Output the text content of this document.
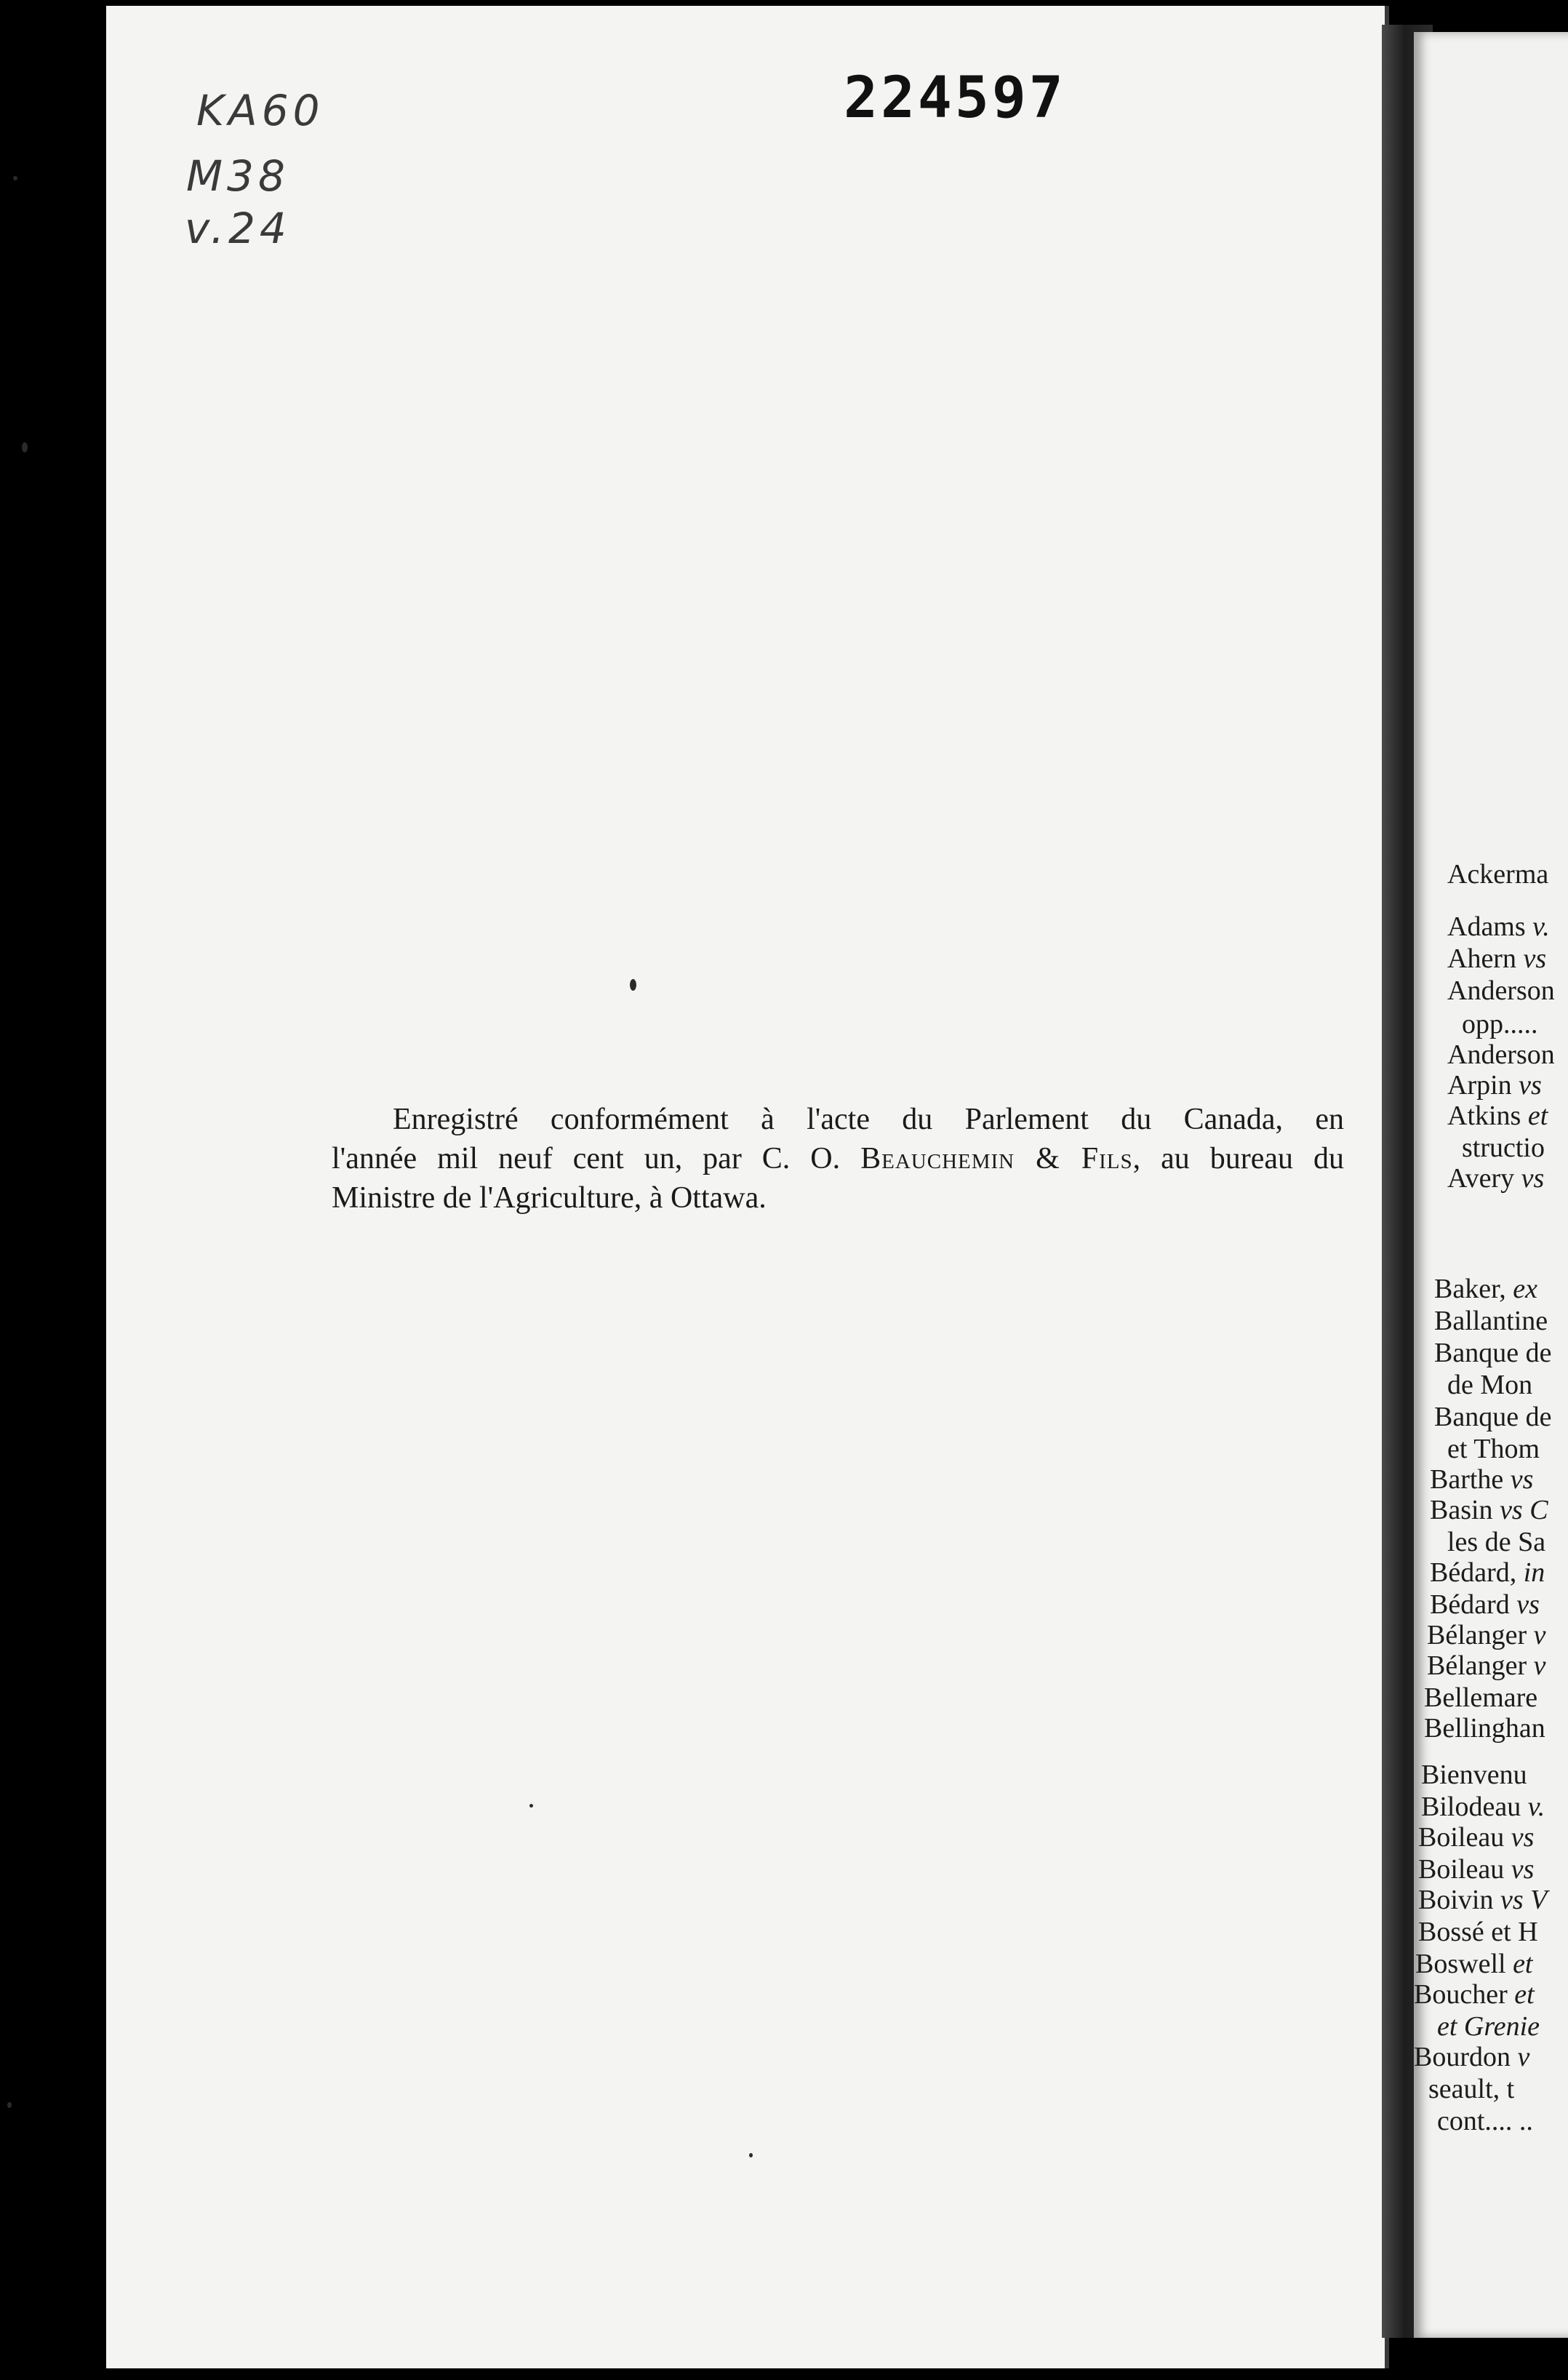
KA60
M38
v.24
224597
Enregistré conformément à l'acte du Parlement du Canada, en
l'année mil neuf cent un, par C. O. Beauchemin & Fils, au bureau du
Ministre de l'Agriculture, à Ottawa.
Ackerma
Adams v.
Ahern vs
Anderson
opp.....
Anderson
Arpin vs
Atkins et
structio
Avery vs
Baker, ex
Ballantine
Banque de
de Mon
Banque de
et Thom
Barthe vs
Basin vs C
les de Sa
Bédard, in
Bédard vs
Bélanger v
Bélanger v
Bellemare
Bellinghan
Bienvenu
Bilodeau v.
Boileau vs
Boileau vs
Boivin vs V
Bossé et H
Boswell et
Boucher et
et Grenie
Bourdon v
seault, t
cont.... ..
